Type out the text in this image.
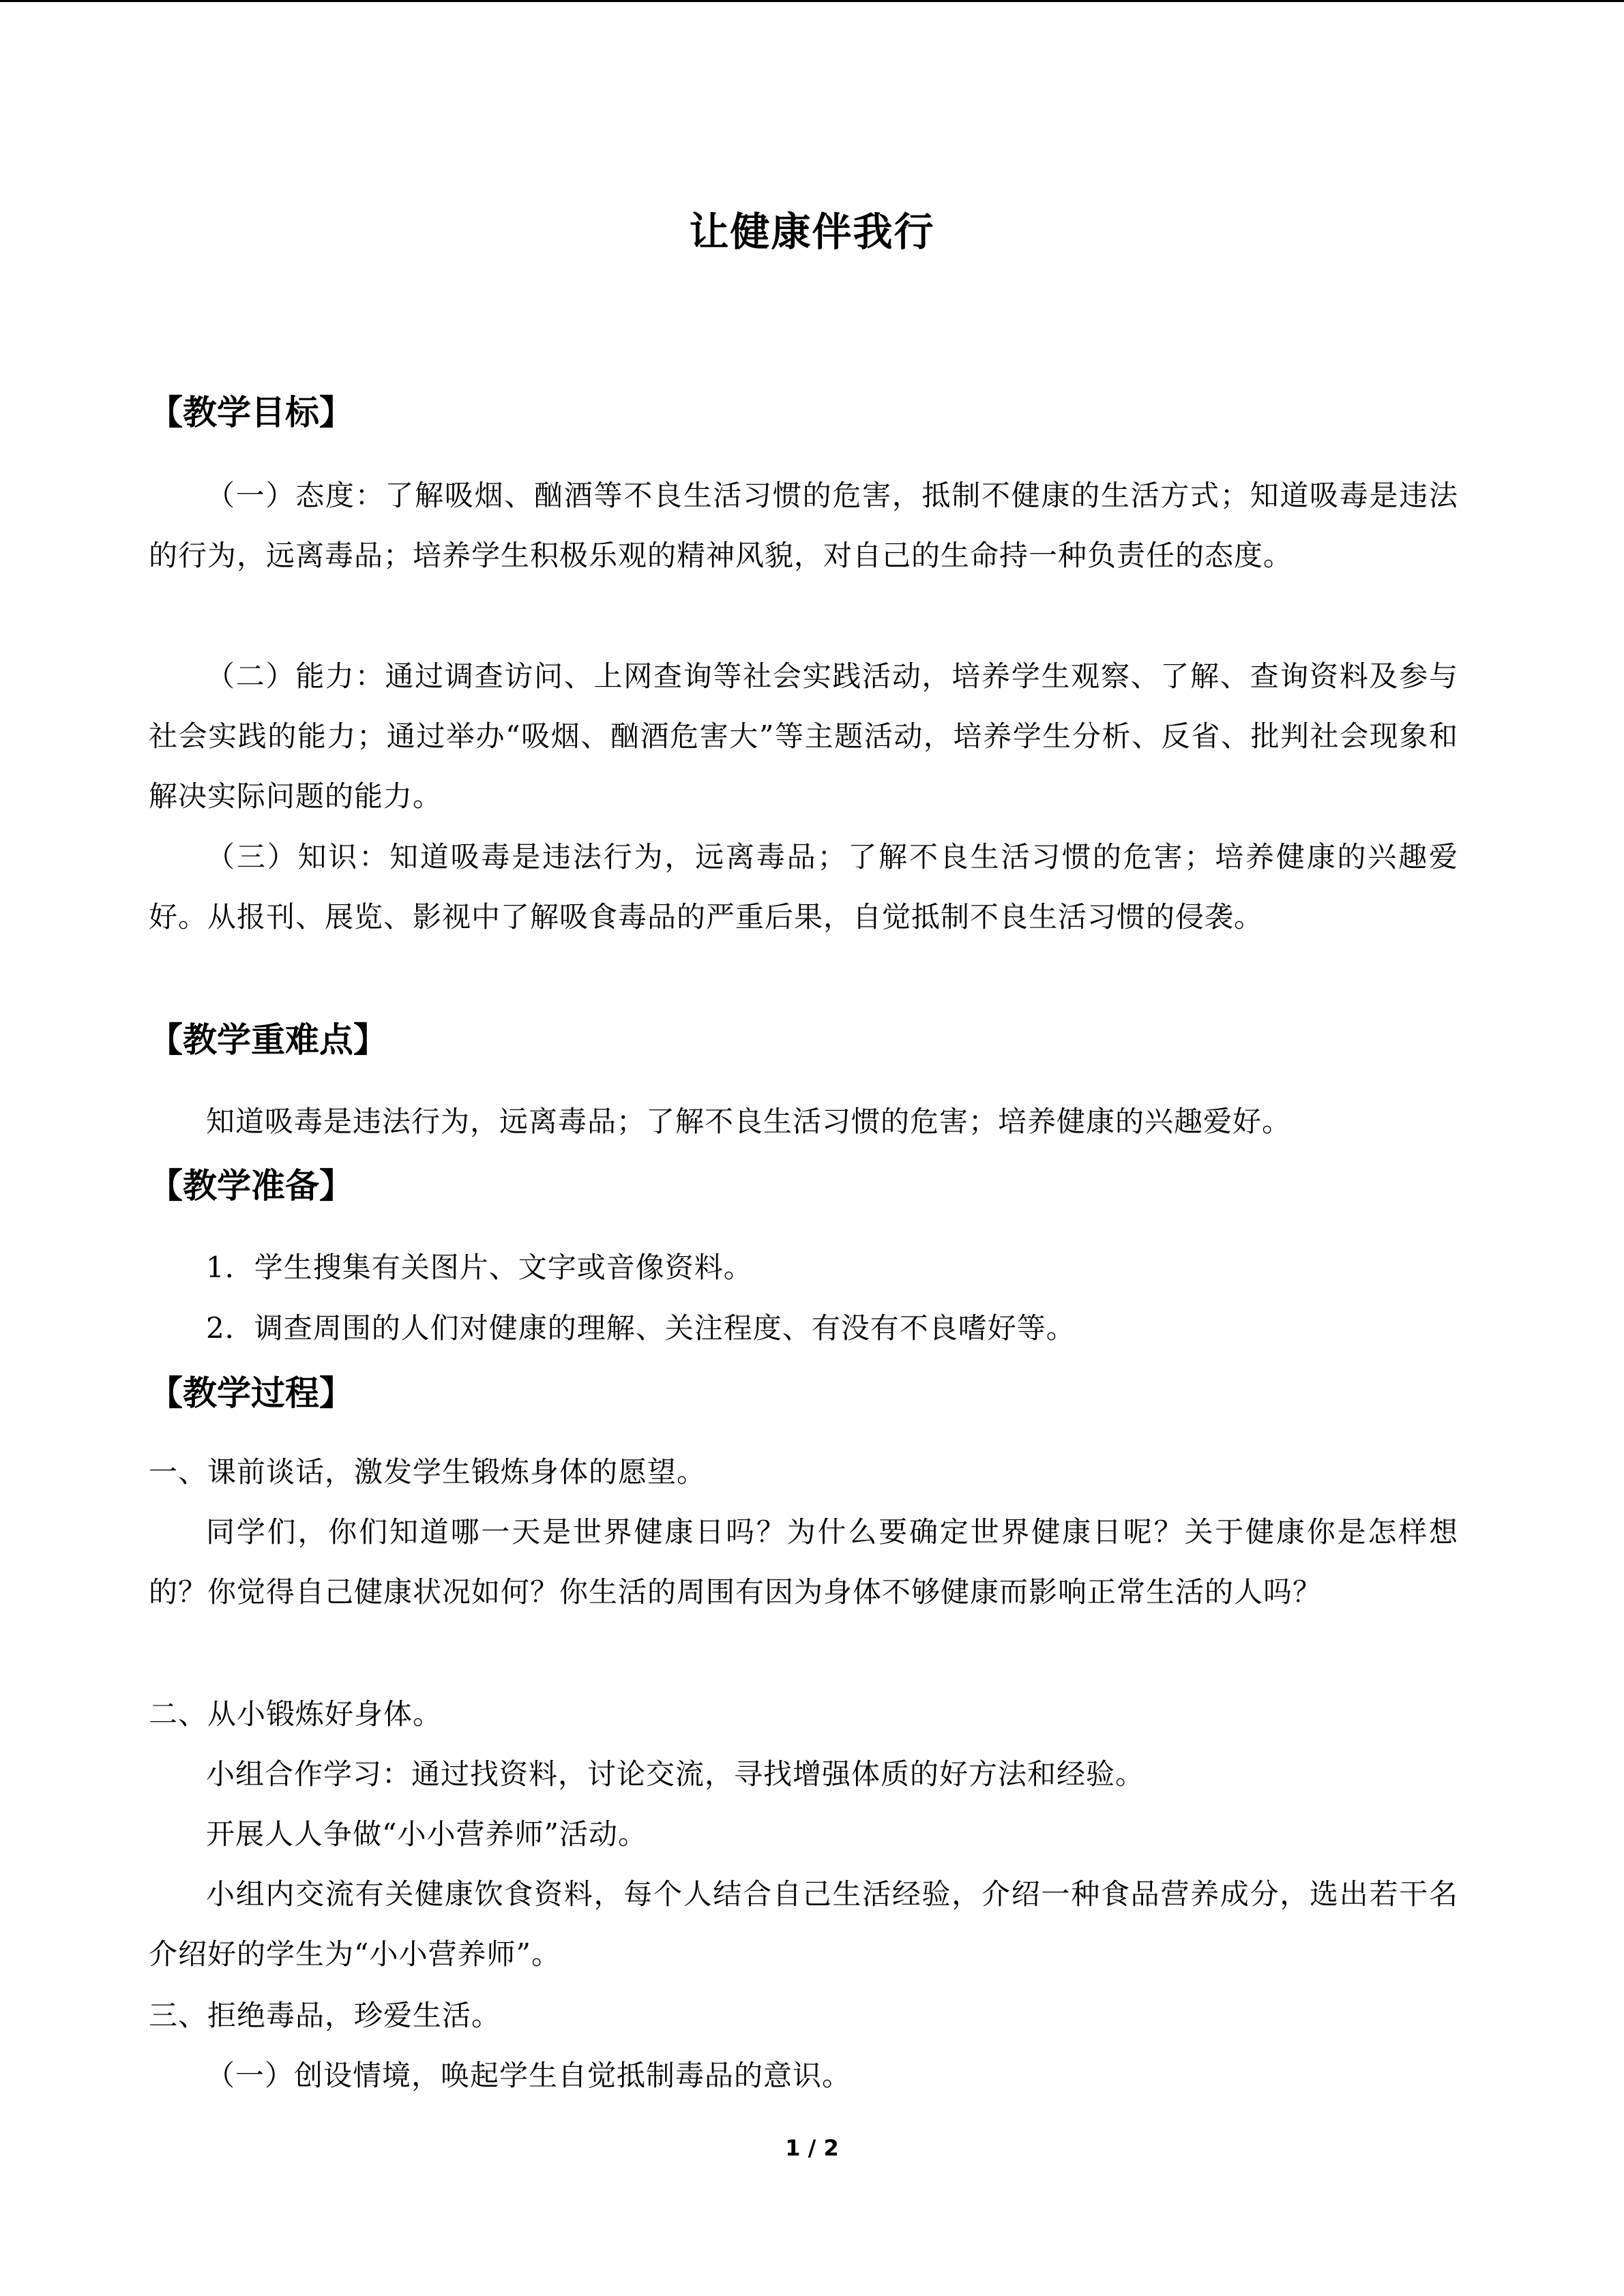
让健康伴我行
【教学目标】
（一）态度：了解吸烟、酗酒等不良生活习惯的危害，抵制不健康的生活方式；知道吸毒是违法的行为，远离毒品；培养学生积极乐观的精神风貌，对自己的生命持一种负责任的态度。
（二）能力：通过调查访问、上网查询等社会实践活动，培养学生观察、了解、查询资料及参与社会实践的能力；通过举办“吸烟、酗酒危害大”等主题活动，培养学生分析、反省、批判社会现象和解决实际问题的能力。
（三）知识：知道吸毒是违法行为，远离毒品；了解不良生活习惯的危害；培养健康的兴趣爱好。从报刊、展览、影视中了解吸食毒品的严重后果，自觉抵制不良生活习惯的侵袭。
【教学重难点】
知道吸毒是违法行为，远离毒品；了解不良生活习惯的危害；培养健康的兴趣爱好。
【教学准备】
1．学生搜集有关图片、文字或音像资料。
2．调查周围的人们对健康的理解、关注程度、有没有不良嗜好等。
【教学过程】
一、课前谈话，激发学生锻炼身体的愿望。
同学们，你们知道哪一天是世界健康日吗？为什么要确定世界健康日呢？关于健康你是怎样想的？你觉得自己健康状况如何？你生活的周围有因为身体不够健康而影响正常生活的人吗？
二、从小锻炼好身体。
小组合作学习：通过找资料，讨论交流，寻找增强体质的好方法和经验。
开展人人争做“小小营养师”活动。
小组内交流有关健康饮食资料，每个人结合自己生活经验，介绍一种食品营养成分，选出若干名介绍好的学生为“小小营养师”。
三、拒绝毒品，珍爱生活。
（一）创设情境，唤起学生自觉抵制毒品的意识。
1 / 2
